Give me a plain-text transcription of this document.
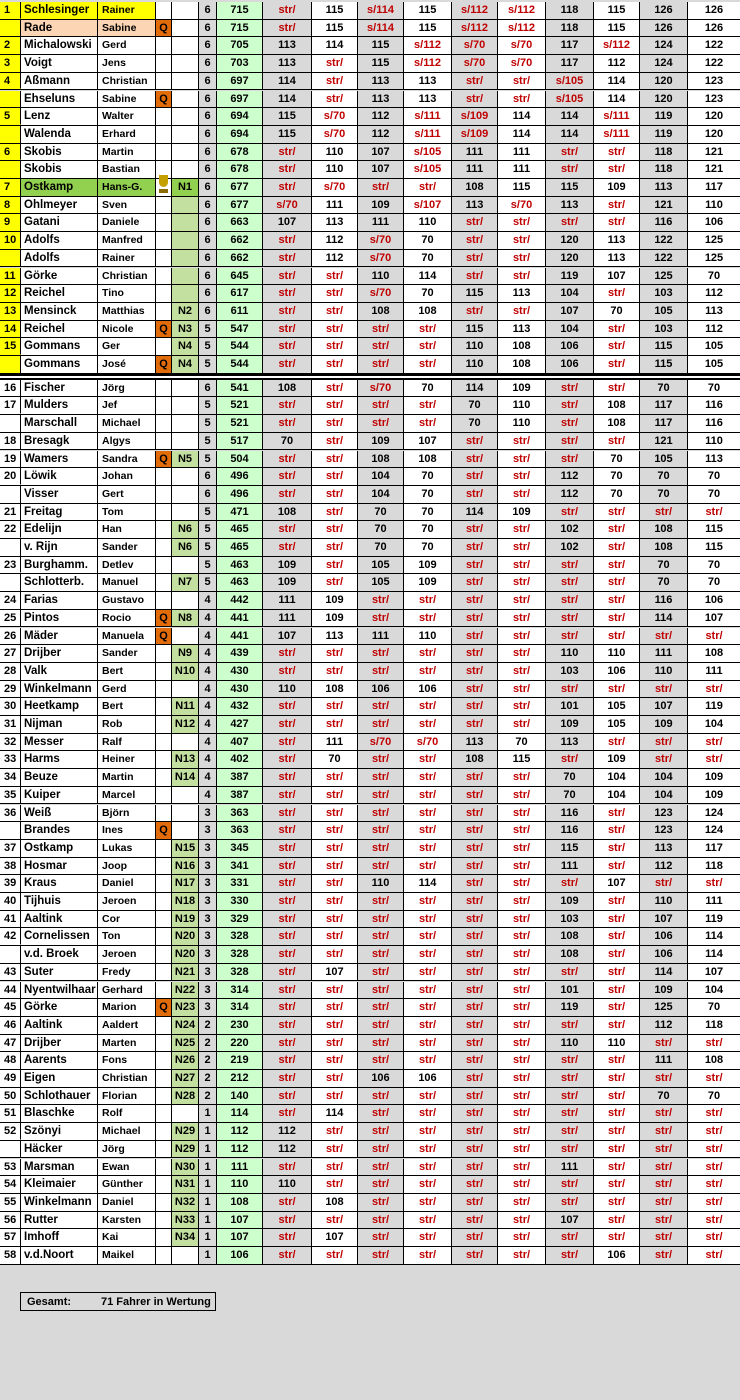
1	Schlesinger	Rainer	6	715	str/	115	s/114	115	s/112	s/112	118	115	126	126
Rade	Sabine	Q	6	715	str/	115	s/114	115	s/112	s/112	118	115	126	126
2	Michalowski Gerd	6	705	113	114	115	s/112	s/70	s/70	117	s/112	124	122
3	Voigt	Jens	6	703	113	str/	115	s/112	s/70	s/70	117	112	124	122
4	Aßmann	Christian	6	697	114	str/	113	113	str/	str/	s/105	114	120	123
Ehseluns	Sabine	Q	6	697	114	str/	113	113	str/	str/	s/105	114	120	123
5	Lenz	Walter	6	694	115	s/70	112	s/111	s/109	114	114	s/111	119	120
Walenda	Erhard	6	694	115	s/70	112	s/111	s/109	114	114	s/111	119	120
6	Skobis	Martin	6	678	str/	110	107	s/105	111	111	str/	str/	118	121
Skobis	Bastian	6	678	str/	110	107	s/105	111	111	str/	str/	118	121
7	Ostkamp	Hans-G.	N1	6	677	str/	s/70	str/	str/	108	115	115	109	113	117
8	Ohlmeyer	Sven	6	677	s/70	111	109	s/107	113	s/70	113	str/	121	110
9	Gatani	Daniele	6	663	107	113	111	110	str/	str/	str/	str/	116	106
10 Adolfs	Manfred	6	662	str/	112	s/70	70	str/	str/	120	113	122	125
Adolfs	Rainer	6	662	str/	112	s/70	70	str/	str/	120	113	122	125
11 Görke	Christian	6	645	str/	str/	110	114	str/	str/	119	107	125	70
12 Reichel	Tino	6	617	str/	str/	s/70	70	115	113	104	str/	103	112
13 Mensinck	Matthias	N2	6	611	str/	str/	108	108	str/	str/	107	70	105	113
14 Reichel	Nicole	Q N3	5	547	str/	str/	str/	str/	115	113	104	str/	103	112
15 Gommans	Ger	N4	5	544	str/	str/	str/	str/	110	108	106	str/	115	105
Gommans	José	Q N4	5	544	str/	str/	str/	str/	110	108	106	str/	115	105
16 Fischer	Jörg	6	541	108	str/	s/70	70	114	109	str/	str/	70	70
17 Mulders	Jef	5	521	str/	str/	str/	str/	70	110	str/	108	117	116
Marschall	Michael	5	521	str/	str/	str/	str/	70	110	str/	108	117	116
18 Bresagk	Algys	5	517	70	str/	109	107	str/	str/	str/	str/	121	110
19 Wamers	Sandra	Q N5	5	504	str/	str/	108	108	str/	str/	str/	70	105	113
20 Löwik	Johan	6	496	str/	str/	104	70	str/	str/	112	70	70	70
Visser	Gert	6	496	str/	str/	104	70	str/	str/	112	70	70	70
21 Freitag	Tom	5	471	108	str/	70	70	114	109	str/	str/	str/	str/
22 Edelijn	Han	N6	5	465	str/	str/	70	70	str/	str/	102	str/	108	115
v. Rijn	Sander	N6	5	465	str/	str/	70	70	str/	str/	102	str/	108	115
23 Burghamm.	Detlev	5	463	109	str/	105	109	str/	str/	str/	str/	70	70
Schlotterb.	Manuel	N7	5	463	109	str/	105	109	str/	str/	str/	str/	70	70
24 Farias	Gustavo	4	442	111	109	str/	str/	str/	str/	str/	str/	116	106
25 Pintos	Rocio	Q N8	4	441	111	109	str/	str/	str/	str/	str/	str/	114	107
26 Mäder	Manuela	Q	4	441	107	113	111	110	str/	str/	str/	str/	str/	str/
27 Drijber	Sander	N9	4	439	str/	str/	str/	str/	str/	str/	110	110	111	108
28 Valk	Bert	N10 4	430	str/	str/	str/	str/	str/	str/	103	106	110	111
29 Winkelmann Gerd	4	430	110	108	106	106	str/	str/	str/	str/	str/	str/
30 Heetkamp	Bert	N11 4	432	str/	str/	str/	str/	str/	str/	101	105	107	119
31 Nijman	Rob	N12 4	427	str/	str/	str/	str/	str/	str/	109	105	109	104
32 Messer	Ralf	4	407	str/	111	s/70	s/70	113	70	113	str/	str/	str/
33 Harms	Heiner	N13 4	402	str/	70	str/	str/	108	115	str/	109	str/	str/
34 Beuze	Martin	N14 4	387	str/	str/	str/	str/	str/	str/	70	104	104	109
35 Kuiper	Marcel	4	387	str/	str/	str/	str/	str/	str/	70	104	104	109
36 Weiß	Björn	3	363	str/	str/	str/	str/	str/	str/	116	str/	123	124
Brandes	Ines	Q	3	363	str/	str/	str/	str/	str/	str/	116	str/	123	124
37 Ostkamp	Lukas	N15 3	345	str/	str/	str/	str/	str/	str/	115	str/	113	117
38 Hosmar	Joop	N16 3	341	str/	str/	str/	str/	str/	str/	111	str/	112	118
39 Kraus	Daniel	N17 3	331	str/	str/	110	114	str/	str/	str/	107	str/	str/
40 Tijhuis	Jeroen	N18 3	330	str/	str/	str/	str/	str/	str/	109	str/	110	111
41 Aaltink	Cor	N19 3	329	str/	str/	str/	str/	str/	str/	103	str/	107	119
42 Cornelissen	Ton	N20 3	328	str/	str/	str/	str/	str/	str/	108	str/	106	114
v.d. Broek	Jeroen	N20 3	328	str/	str/	str/	str/	str/	str/	108	str/	106	114
43 Suter	Fredy	N21 3	328	str/	107	str/	str/	str/	str/	str/	str/	114	107
44 Nyentwilhaar Gerhard	N22 3	314	str/	str/	str/	str/	str/	str/	101	str/	109	104
45 Görke	Marion	Q N23 3	314	str/	str/	str/	str/	str/	str/	119	str/	125	70
46 Aaltink	Aaldert	N24 2	230	str/	str/	str/	str/	str/	str/	str/	str/	112	118
47 Drijber	Marten	N25 2	220	str/	str/	str/	str/	str/	str/	110	110	str/	str/
48 Aarents	Fons	N26 2	219	str/	str/	str/	str/	str/	str/	str/	str/	111	108
49 Eigen	Christian	N27 2	212	str/	str/	106	106	str/	str/	str/	str/	str/	str/
50 Schlothauer	Florian	N28 2	140	str/	str/	str/	str/	str/	str/	str/	str/	70	70
51 Blaschke	Rolf	1	114	str/	114	str/	str/	str/	str/	str/	str/	str/	str/
52 Szönyi	Michael	N29 1	112	112	str/	str/	str/	str/	str/	str/	str/	str/	str/
Häcker	Jörg	N29 1	112	112	str/	str/	str/	str/	str/	str/	str/	str/	str/
53 Marsman	Ewan	N30 1	111	str/	str/	str/	str/	str/	str/	111	str/	str/	str/
54 Kleimaier	Günther	N31 1	110	110	str/	str/	str/	str/	str/	str/	str/	str/	str/
55 Winkelmann Daniel	N32 1	108	str/	108	str/	str/	str/	str/	str/	str/	str/	str/
56 Rutter	Karsten	N33 1	107	str/	str/	str/	str/	str/	str/	107	str/	str/	str/
57 Imhoff	Kai	N34 1	107	str/	107	str/	str/	str/	str/	str/	str/	str/	str/
58 v.d.Noort	Maikel	1	106	str/	str/	str/	str/	str/	str/	str/	106	str/	str/
Gesamt:	71 Fahrer in Wertung
